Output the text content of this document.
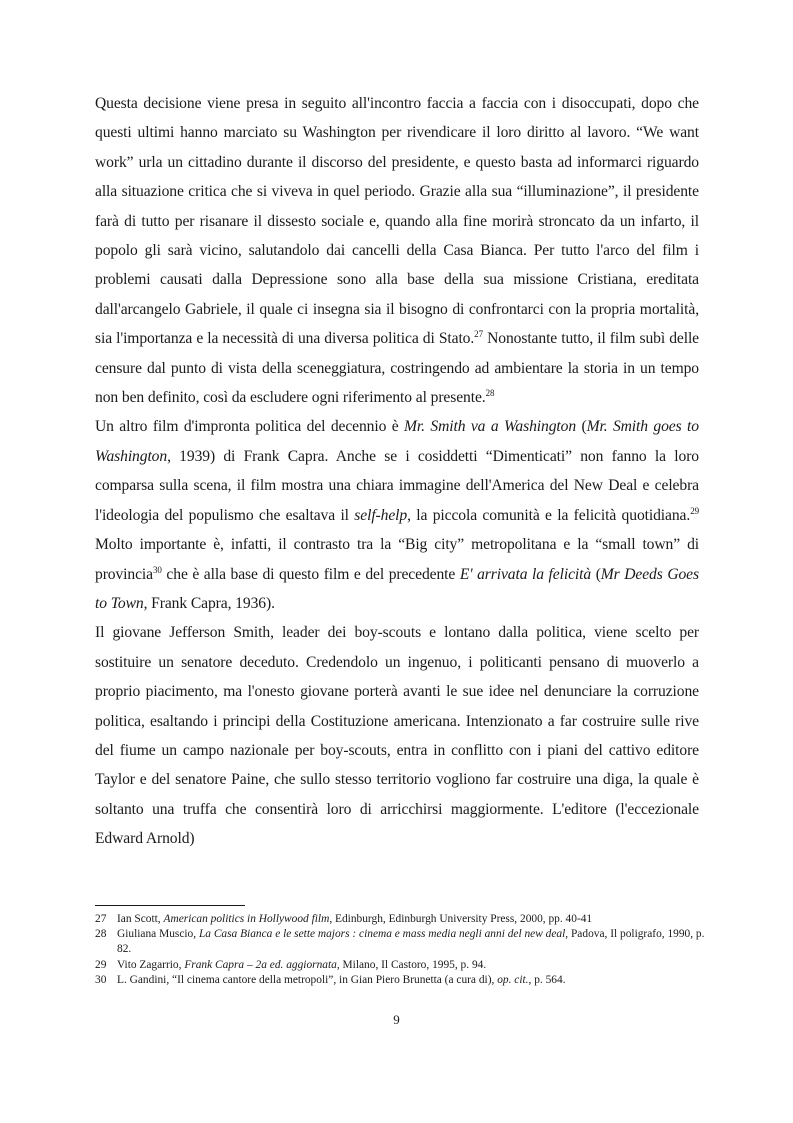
Questa decisione viene presa in seguito all'incontro faccia a faccia con i disoccupati, dopo che questi ultimi hanno marciato su Washington per rivendicare il loro diritto al lavoro. “We want work” urla un cittadino durante il discorso del presidente, e questo basta ad informarci riguardo alla situazione critica che si viveva in quel periodo. Grazie alla sua “illuminazione”, il presidente farà di tutto per risanare il dissesto sociale e, quando alla fine morirà stroncato da un infarto, il popolo gli sarà vicino, salutandolo dai cancelli della Casa Bianca. Per tutto l'arco del film i problemi causati dalla Depressione sono alla base della sua missione Cristiana, ereditata dall'arcangelo Gabriele, il quale ci insegna sia il bisogno di confrontarci con la propria mortalità, sia l'importanza e la necessità di una diversa politica di Stato.$^{27}$ Nonostante tutto, il film subì delle censure dal punto di vista della sceneggiatura, costringendo ad ambientare la storia in un tempo non ben definito, così da escludere ogni riferimento al presente.$^{28}$

Un altro film d'impronta politica del decennio è Mr. Smith va a Washington (Mr. Smith goes to Washington, 1939) di Frank Capra. Anche se i cosiddetti “Dimenticati” non fanno la loro comparsa sulla scena, il film mostra una chiara immagine dell'America del New Deal e celebra l'ideologia del populismo che esaltava il self-help, la piccola comunità e la felicità quotidiana.$^{29}$ Molto importante è, infatti, il contrasto tra la “Big city” metropolitana e la “small town” di provincia$^{30}$ che è alla base di questo film e del precedente E' arrivata la felicità (Mr Deeds Goes to Town, Frank Capra, 1936).

Il giovane Jefferson Smith, leader dei boy-scouts e lontano dalla politica, viene scelto per sostituire un senatore deceduto. Credendolo un ingenuo, i politicanti pensano di muoverlo a proprio piacimento, ma l'onesto giovane porterà avanti le sue idee nel denunciare la corruzione politica, esaltando i principi della Costituzione americana. Intenzionato a far costruire sulle rive del fiume un campo nazionale per boy-scouts, entra in conflitto con i piani del cattivo editore Taylor e del senatore Paine, che sullo stesso territorio vogliono far costruire una diga, la quale è soltanto una truffa che consentirà loro di arricchirsi maggiormente. L'editore (l'eccezionale Edward Arnold)

27 Ian Scott, American politics in Hollywood film, Edinburgh, Edinburgh University Press, 2000, pp. 40-41
28 Giuliana Muscio, La Casa Bianca e le sette majors : cinema e mass media negli anni del new deal, Padova, Il poligrafo, 1990, p. 82.
29 Vito Zagarrio, Frank Capra – 2a ed. aggiornata, Milano, Il Castoro, 1995, p. 94.
30 L. Gandini, “Il cinema cantore della metropoli”, in Gian Piero Brunetta (a cura di), op. cit., p. 564.
9
